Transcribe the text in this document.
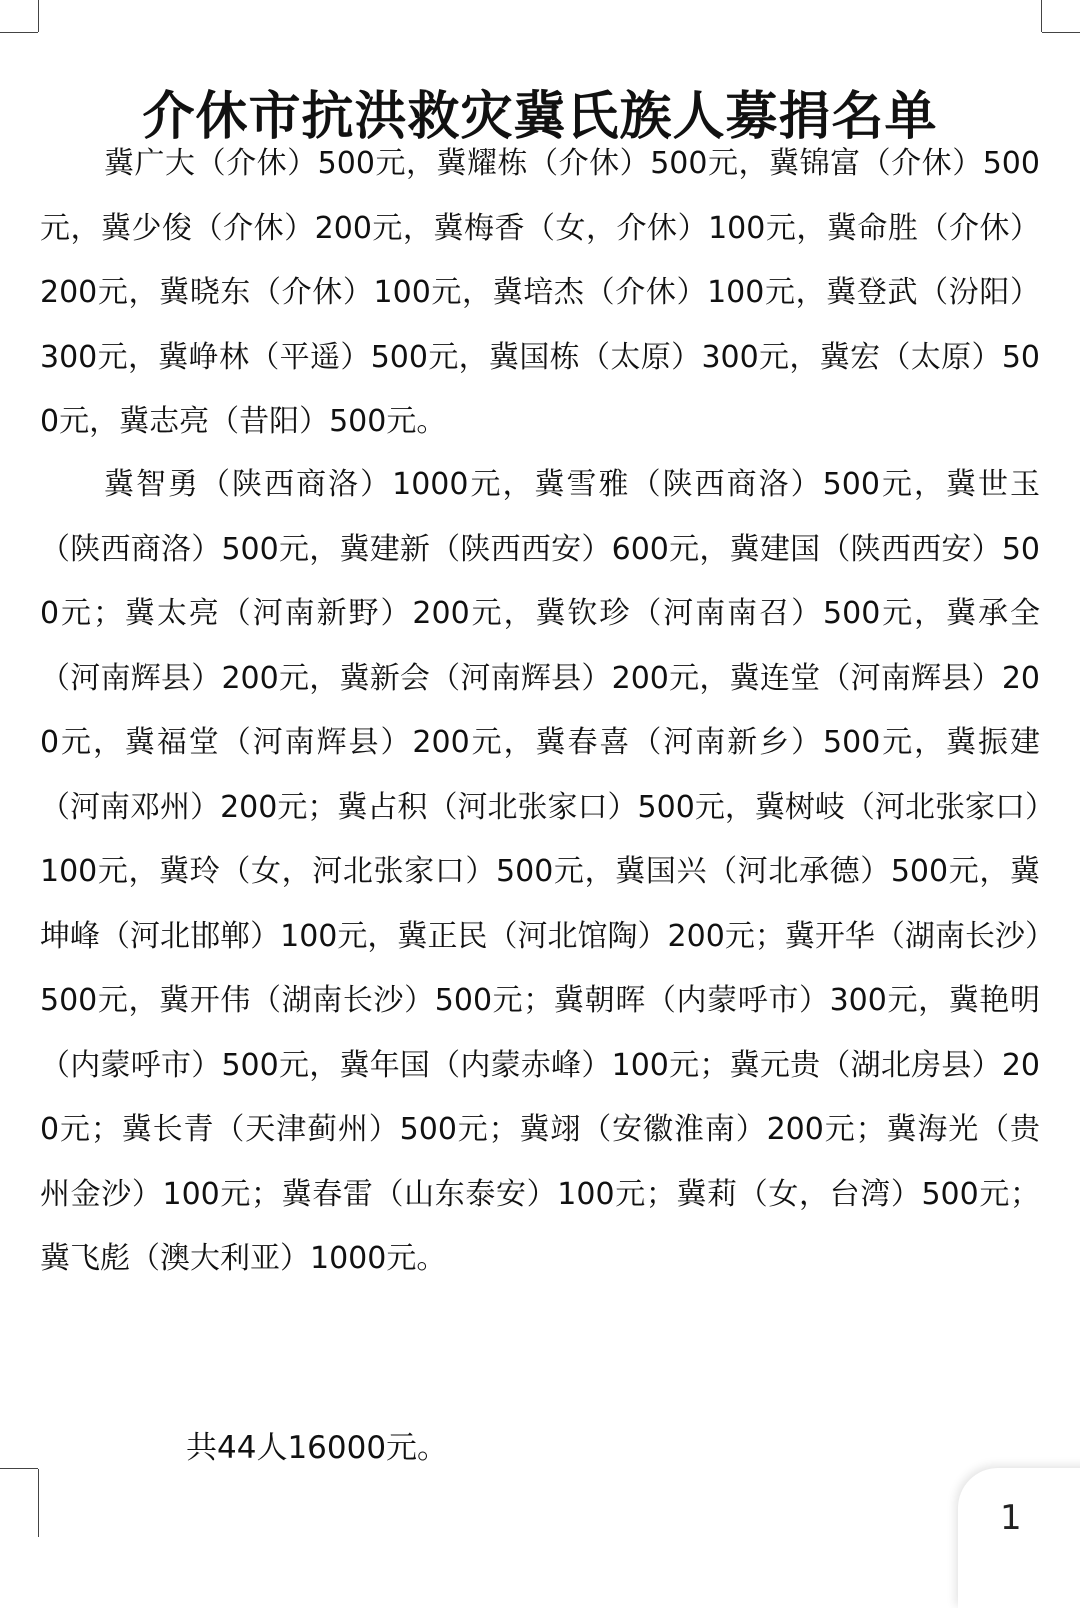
介休市抗洪救灾冀氏族人募捐名单

冀广大（介休）500元，冀耀栋（介休）500元，冀锦富（介休）500元，冀少俊（介休）200元，冀梅香（女，介休）100元，冀命胜（介休）200元，冀晓东（介休）100元，冀培杰（介休）100元，冀登武（汾阳）300元，冀峥林（平遥）500元，冀国栋（太原）300元，冀宏（太原）500元，冀志亮（昔阳）500元。

冀智勇（陕西商洛）1000元，冀雪雅（陕西商洛）500元，冀世玉（陕西商洛）500元，冀建新（陕西西安）600元，冀建国（陕西西安）500元；冀太亮（河南新野）200元，冀钦珍（河南南召）500元，冀承全（河南辉县）200元，冀新会（河南辉县）200元，冀连堂（河南辉县）200元，冀福堂（河南辉县）200元，冀春喜（河南新乡）500元，冀振建（河南邓州）200元；冀占积（河北张家口）500元，冀树岐（河北张家口）100元，冀玲（女，河北张家口）500元，冀国兴（河北承德）500元，冀坤峰（河北邯郸）100元，冀正民（河北馆陶）200元；冀开华（湖南长沙）500元，冀开伟（湖南长沙）500元；冀朝晖（内蒙呼市）300元，冀艳明（内蒙呼市）500元，冀年国（内蒙赤峰）100元；冀元贵（湖北房县）200元；冀长青（天津蓟州）500元；冀翊（安徽淮南）200元；冀海光（贵州金沙）100元；冀春雷（山东泰安）100元；冀莉（女，台湾）500元；冀飞彪（澳大利亚）1000元。

共44人16000元。
1
